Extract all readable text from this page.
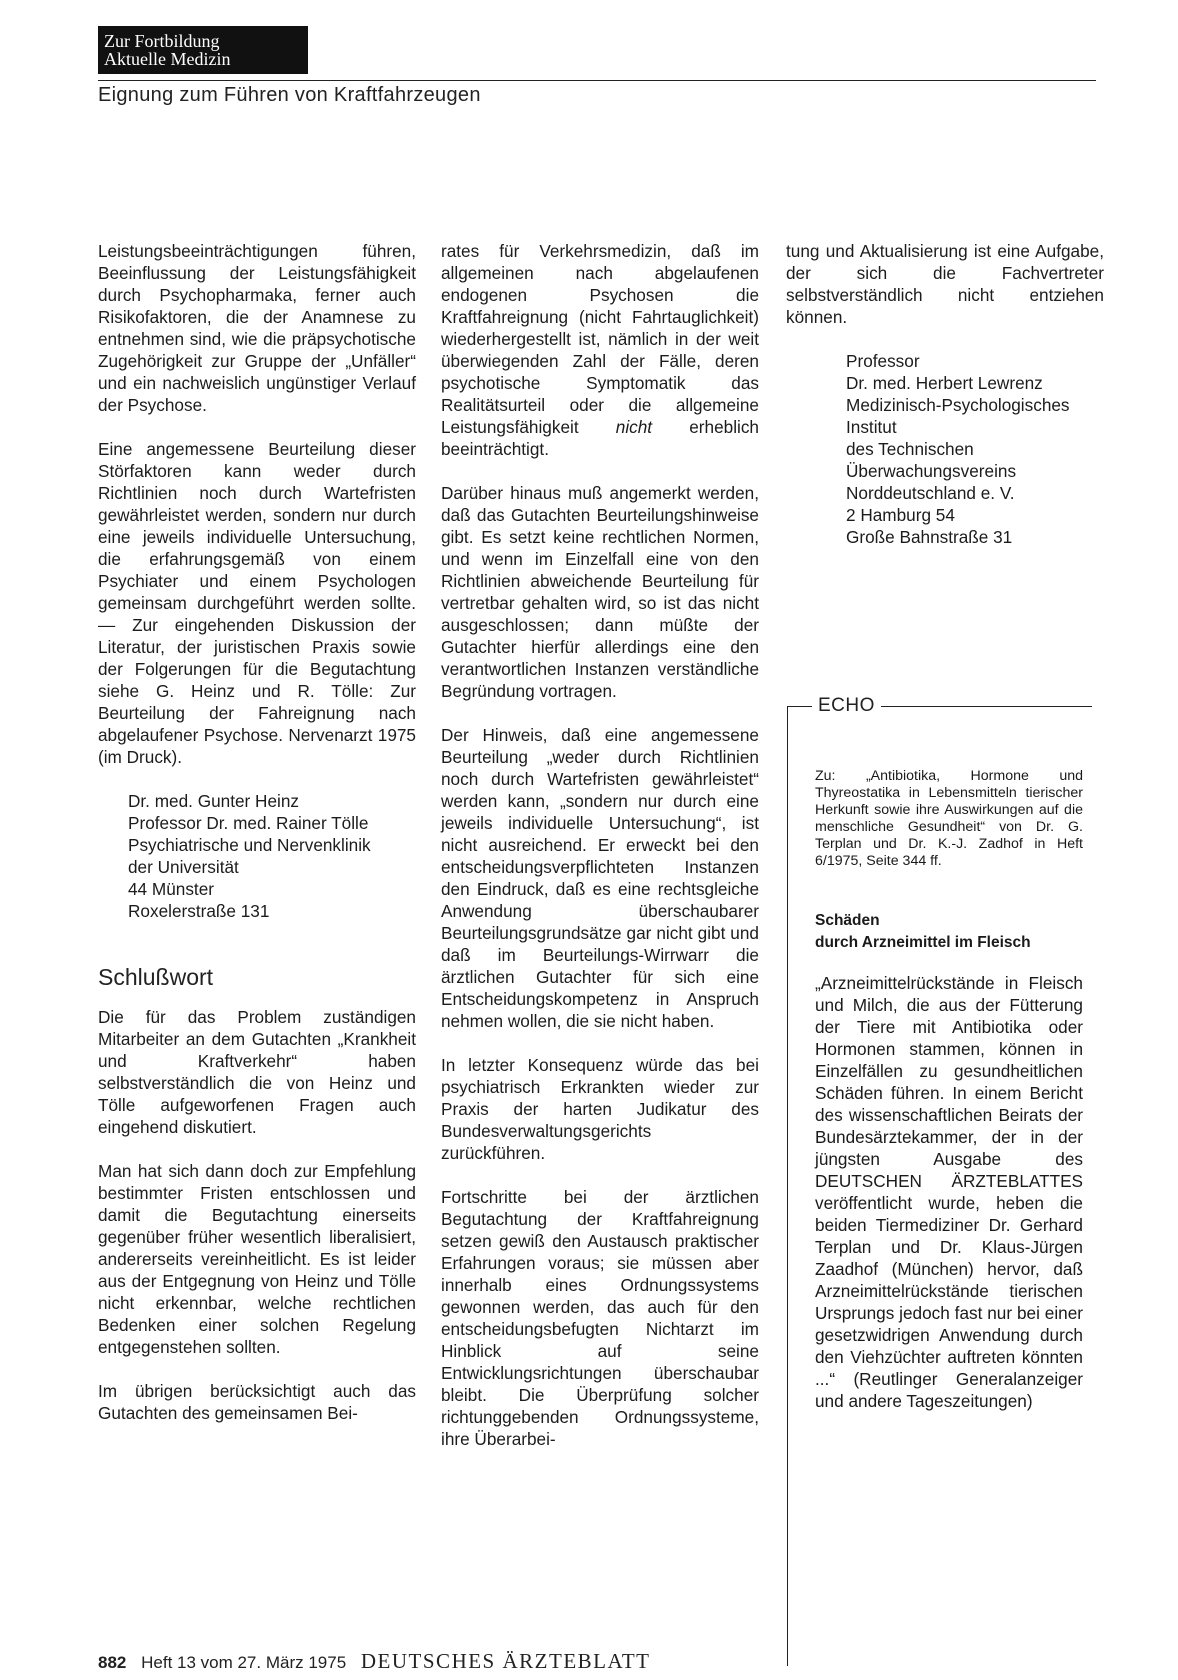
Zur Fortbildung
Aktuelle Medizin
Eignung zum Führen von Kraftfahrzeugen

Leistungsbeeinträchtigungen führen, Beeinflussung der Leistungsfähigkeit durch Psychopharmaka, ferner auch Risikofaktoren, die der Anamnese zu entnehmen sind, wie die präpsychotische Zugehörigkeit zur Gruppe der „Unfäller“ und ein nachweislich ungünstiger Verlauf der Psychose.

Eine angemessene Beurteilung dieser Störfaktoren kann weder durch Richtlinien noch durch Wartefristen gewährleistet werden, sondern nur durch eine jeweils individuelle Untersuchung, die erfahrungsgemäß von einem Psychiater und einem Psychologen gemeinsam durchgeführt werden sollte. — Zur eingehenden Diskussion der Literatur, der juristischen Praxis sowie der Folgerungen für die Begutachtung siehe G. Heinz und R. Tölle: Zur Beurteilung der Fahreignung nach abgelaufener Psychose. Nervenarzt 1975 (im Druck).

Dr. med. Gunter Heinz
Professor Dr. med. Rainer Tölle
Psychiatrische und Nervenklinik
der Universität
44 Münster
Roxelerstraße 131
Schlußwort

Die für das Problem zuständigen Mitarbeiter an dem Gutachten „Krankheit und Kraftverkehr“ haben selbstverständlich die von Heinz und Tölle aufgeworfenen Fragen auch eingehend diskutiert.

Man hat sich dann doch zur Empfehlung bestimmter Fristen entschlossen und damit die Begutachtung einerseits gegenüber früher wesentlich liberalisiert, andererseits vereinheitlicht. Es ist leider aus der Entgegnung von Heinz und Tölle nicht erkennbar, welche rechtlichen Bedenken einer solchen Regelung entgegenstehen sollten.

Im übrigen berücksichtigt auch das Gutachten des gemeinsamen Bei-

rates für Verkehrsmedizin, daß im allgemeinen nach abgelaufenen endogenen Psychosen die Kraftfahreignung (nicht Fahrtauglichkeit) wiederhergestellt ist, nämlich in der weit überwiegenden Zahl der Fälle, deren psychotische Symptomatik das Realitätsurteil oder die allgemeine Leistungsfähigkeit nicht erheblich beeinträchtigt.

Darüber hinaus muß angemerkt werden, daß das Gutachten Beurteilungshinweise gibt. Es setzt keine rechtlichen Normen, und wenn im Einzelfall eine von den Richtlinien abweichende Beurteilung für vertretbar gehalten wird, so ist das nicht ausgeschlossen; dann müßte der Gutachter hierfür allerdings eine den verantwortlichen Instanzen verständliche Begründung vortragen.

Der Hinweis, daß eine angemessene Beurteilung „weder durch Richtlinien noch durch Wartefristen gewährleistet“ werden kann, „sondern nur durch eine jeweils individuelle Untersuchung“, ist nicht ausreichend. Er erweckt bei den entscheidungsverpflichteten Instanzen den Eindruck, daß es eine rechtsgleiche Anwendung überschaubarer Beurteilungsgrundsätze gar nicht gibt und daß im Beurteilungs-Wirrwarr die ärztlichen Gutachter für sich eine Entscheidungskompetenz in Anspruch nehmen wollen, die sie nicht haben.

In letzter Konsequenz würde das bei psychiatrisch Erkrankten wieder zur Praxis der harten Judikatur des Bundesverwaltungsgerichts zurückführen.

Fortschritte bei der ärztlichen Begutachtung der Kraftfahreignung setzen gewiß den Austausch praktischer Erfahrungen voraus; sie müssen aber innerhalb eines Ordnungssystems gewonnen werden, das auch für den entscheidungsbefugten Nichtarzt im Hinblick auf seine Entwicklungsrichtungen überschaubar bleibt. Die Überprüfung solcher richtunggebenden Ordnungssysteme, ihre Überarbei-

tung und Aktualisierung ist eine Aufgabe, der sich die Fachvertreter selbstverständlich nicht entziehen können.

Professor
Dr. med. Herbert Lewrenz
Medizinisch-Psychologisches
Institut
des Technischen
Überwachungsvereins
Norddeutschland e. V.
2 Hamburg 54
Große Bahnstraße 31
ECHO

Zu: „Antibiotika, Hormone und Thyreostatika in Lebensmitteln tierischer Herkunft sowie ihre Auswirkungen auf die menschliche Gesundheit“ von Dr. G. Terplan und Dr. K.-J. Zadhof in Heft 6/1975, Seite 344 ff.

Schäden
durch Arzneimittel im Fleisch

„Arzneimittelrückstände in Fleisch und Milch, die aus der Fütterung der Tiere mit Antibiotika oder Hormonen stammen, können in Einzelfällen zu gesundheitlichen Schäden führen. In einem Bericht des wissenschaftlichen Beirats der Bundesärztekammer, der in der jüngsten Ausgabe des DEUTSCHEN ÄRZTEBLATTES veröffentlicht wurde, heben die beiden Tiermediziner Dr. Gerhard Terplan und Dr. Klaus-Jürgen Zaadhof (München) hervor, daß Arzneimittelrückstände tierischen Ursprungs jedoch fast nur bei einer gesetzwidrigen Anwendung durch den Viehzüchter auftreten könnten ...“ (Reutlinger Generalanzeiger und andere Tageszeitungen)

882 Heft 13 vom 27. März 1975 DEUTSCHES ÄRZTEBLATT
